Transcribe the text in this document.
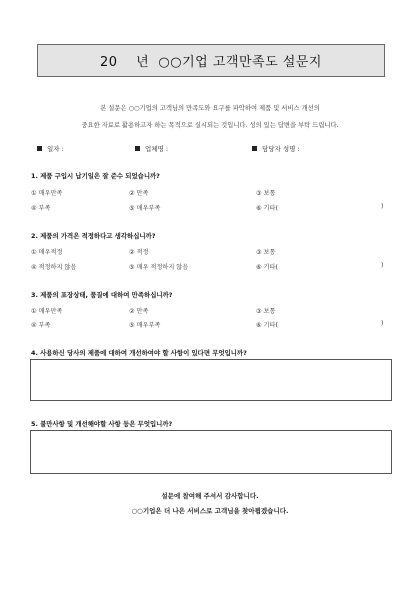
20    년  ○○기업 고객만족도 설문지
본 설문은 ○○기업의 고객님의 만족도와 요구를 파악하여 제품 및 서비스 개선의
중요한 자료로 활용하고자 하는 목적으로 실시되는 것입니다. 성의 있는 답변을 부탁 드립니다.
일자 :	업체명 :	담당자 성명 :
1. 제품 구입시 납기일은 잘 준수 되었습니까?
① 매우만족	② 만족	③ 보통
④ 부족	⑤ 매우부족	⑥ 기타(	)
2. 제품의 가격은 적정하다고 생각하십니까?
① 매우적정	② 적정	③ 보통
④ 적정하지 않음	⑤ 매우 적정하지 않음	⑥ 기타(	)
3. 제품의 포장상태, 품질에 대하여 만족하십니까?
① 매우만족	② 만족	③ 보통
④ 부족	⑤ 매우부족	⑥ 기타(	)
4. 사용하신 당사의 제품에 대하여 개선하여야 할 사항이 있다면 무엇입니까?
5. 불만사항 및 개선해야할 사항 등은 무엇입니까?
설문에 참여해 주셔서 감사합니다.
○○기업은 더 나은 서비스로 고객님을 찾아뵙겠습니다.
